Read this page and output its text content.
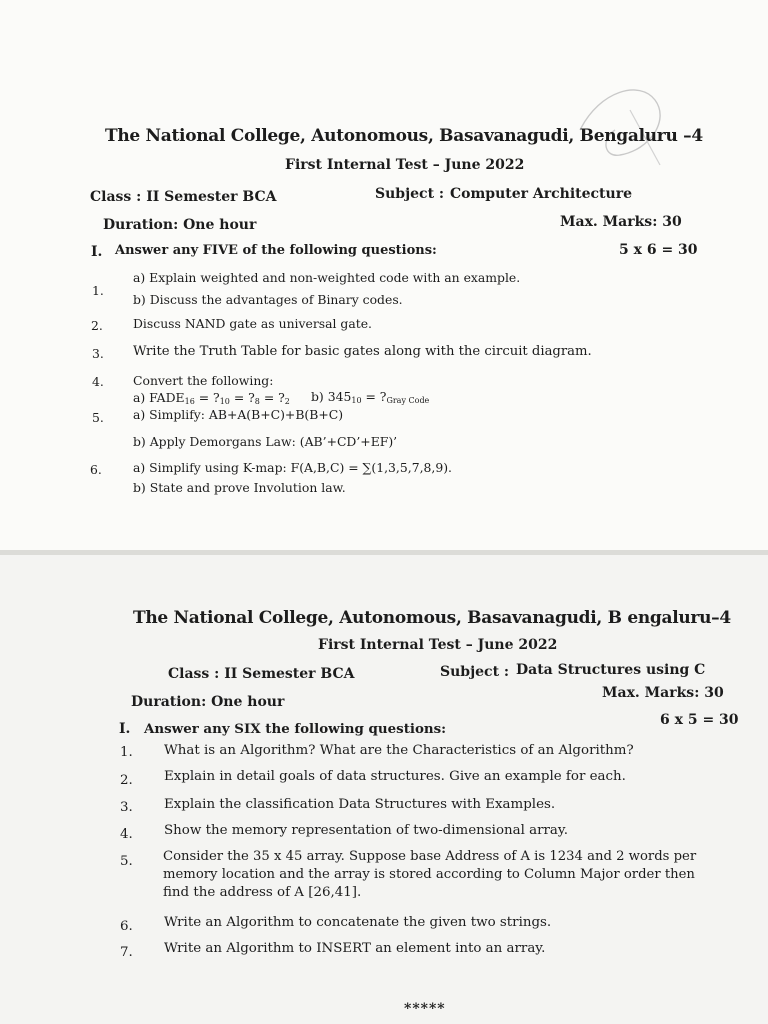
The National College, Autonomous, Basavanagudi, Bengaluru –4
First Internal Test – June 2022
Class : II Semester BCA	Subject : Computer Architecture
Duration: One hour	Max. Marks: 30
I. Answer any FIVE of the following questions:	5 x 6 = 30
1.
a) Explain weighted and non-weighted code with an example.
b) Discuss the advantages of Binary codes.
2. Discuss NAND gate as universal gate.
3. Write the Truth Table for basic gates along with the circuit diagram.
4. Convert the following:
a) $FADE_{16}$ = $?_{10}$ = $?_8$ = $?_2$ b) $345_{10}$ = $?_{Gray Code}$
5. a) Simplify: AB+A(B+C)+B(B+C)
b) Apply Demorgans Law: (AB’+CD’+EF)’
6.	a) Simplify using K-map: F(A,B,C) = ∑(1,3,5,7,8,9).
b) State and prove Involution law.
The National College, Autonomous, Basavanagudi, B engaluru–4
First Internal Test – June 2022
Class : II Semester BCA	Subject : Data Structures using C
Duration: One hour
Max. Marks: 30
I. Answer any SIX the following questions:
6 x 5 = 30
1. What is an Algorithm? What are the Characteristics of an Algorithm?
2. Explain in detail goals of data structures. Give an example for each.
3. Explain the classification Data Structures with Examples.
4. Show the memory representation of two-dimensional array.
5. Consider the 35 x 45 array. Suppose base Address of A is 1234 and 2 words per
memory location and the array is stored according to Column Major order then
find the address of A [26,41].
6. Write an Algorithm to concatenate the given two strings.
7. Write an Algorithm to INSERT an element into an array.
*****
